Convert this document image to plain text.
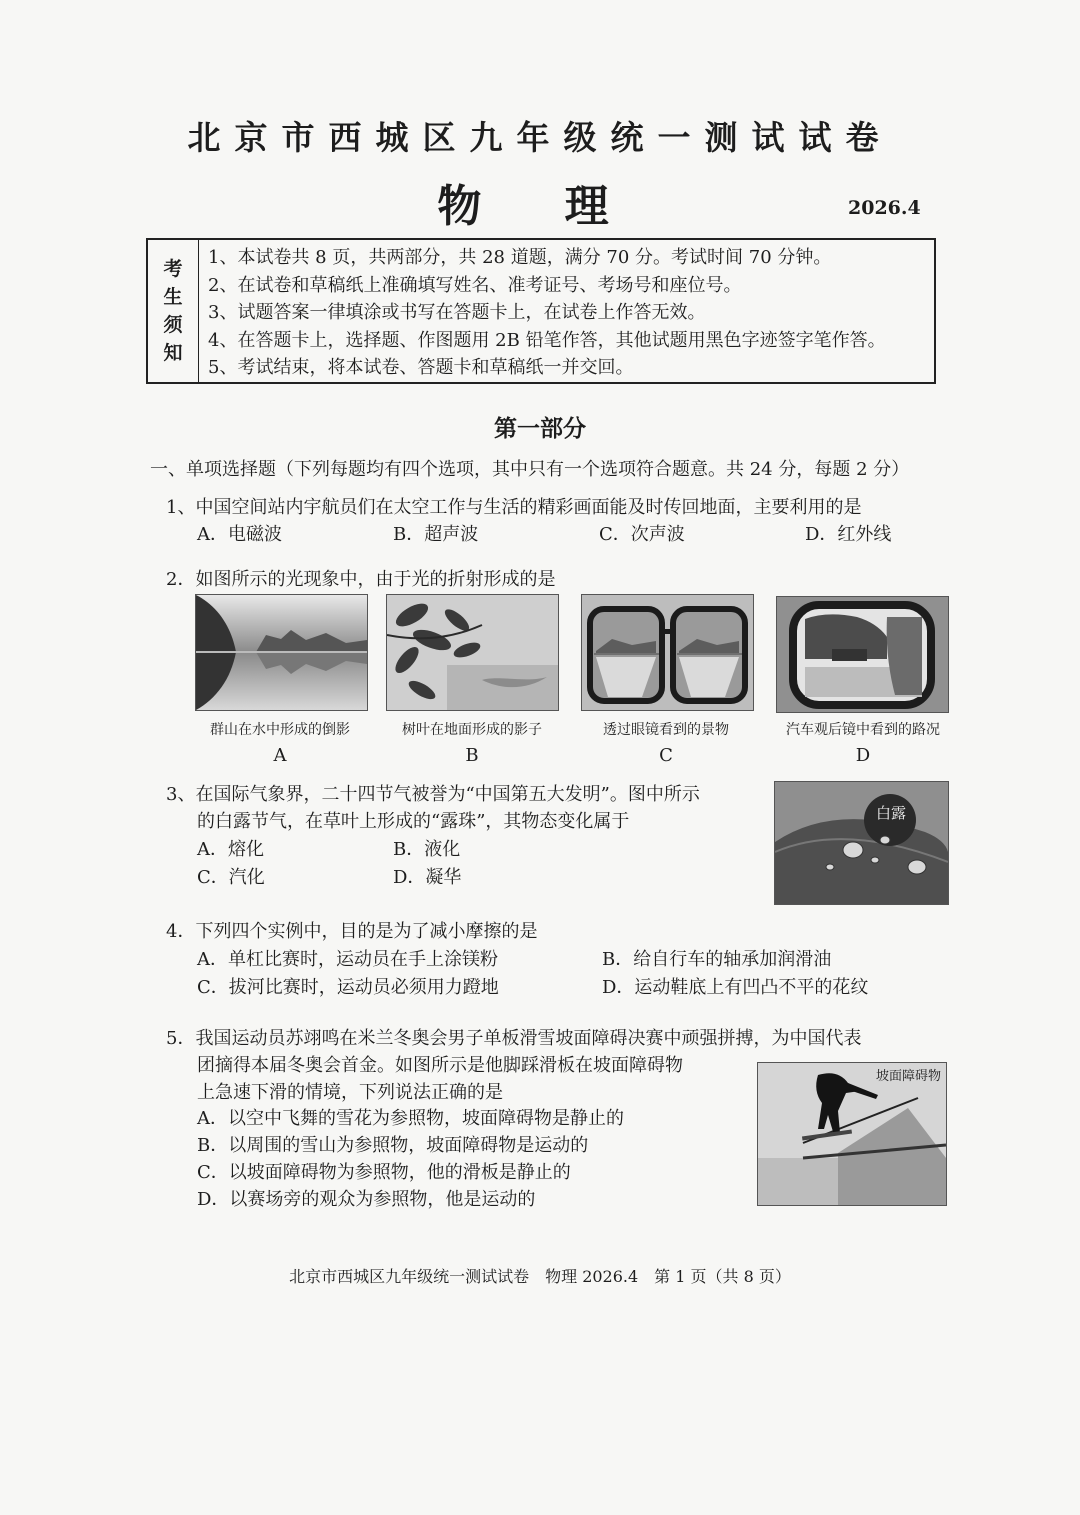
北京市西城区九年级统一测试试卷
物 理	2026.4
考
生
须
知
1、本试卷共 8 页，共两部分，共 28 道题，满分 70 分。考试时间 70 分钟。
2、在试卷和草稿纸上准确填写姓名、准考证号、考场号和座位号。
3、试题答案一律填涂或书写在答题卡上，在试卷上作答无效。
4、在答题卡上，选择题、作图题用 2B 铅笔作答，其他试题用黑色字迹签字笔作答。
5、考试结束，将本试卷、答题卡和草稿纸一并交回。
第一部分
一、单项选择题（下列每题均有四个选项，其中只有一个选项符合题意。共 24 分，每题 2 分）
1、中国空间站内宇航员们在太空工作与生活的精彩画面能及时传回地面，主要利用的是
A．电磁波	B．超声波	C．次声波	D．红外线
2．如图所示的光现象中，由于光的折射形成的是
群山在水中形成的倒影	树叶在地面形成的影子	透过眼镜看到的景物	汽车观后镜中看到的路况
A	B	C	D
3、在国际气象界，二十四节气被誉为“中国第五大发明”。图中所示
的白露节气，在草叶上形成的“露珠”，其物态变化属于
A．熔化	B．液化
C．汽化	D．凝华
白露
4．下列四个实例中，目的是为了减小摩擦的是
A．单杠比赛时，运动员在手上涂镁粉	B．给自行车的轴承加润滑油
C．拔河比赛时，运动员必须用力蹬地	D．运动鞋底上有凹凸不平的花纹
5．我国运动员苏翊鸣在米兰冬奥会男子单板滑雪坡面障碍决赛中顽强拼搏，为中国代表
团摘得本届冬奥会首金。如图所示是他脚踩滑板在坡面障碍物
上急速下滑的情境，下列说法正确的是
A．以空中飞舞的雪花为参照物，坡面障碍物是静止的
B．以周围的雪山为参照物，坡面障碍物是运动的
C．以坡面障碍物为参照物，他的滑板是静止的
D．以赛场旁的观众为参照物，他是运动的
坡面障碍物
北京市西城区九年级统一测试试卷　物理 2026.4　第 1 页（共 8 页）
